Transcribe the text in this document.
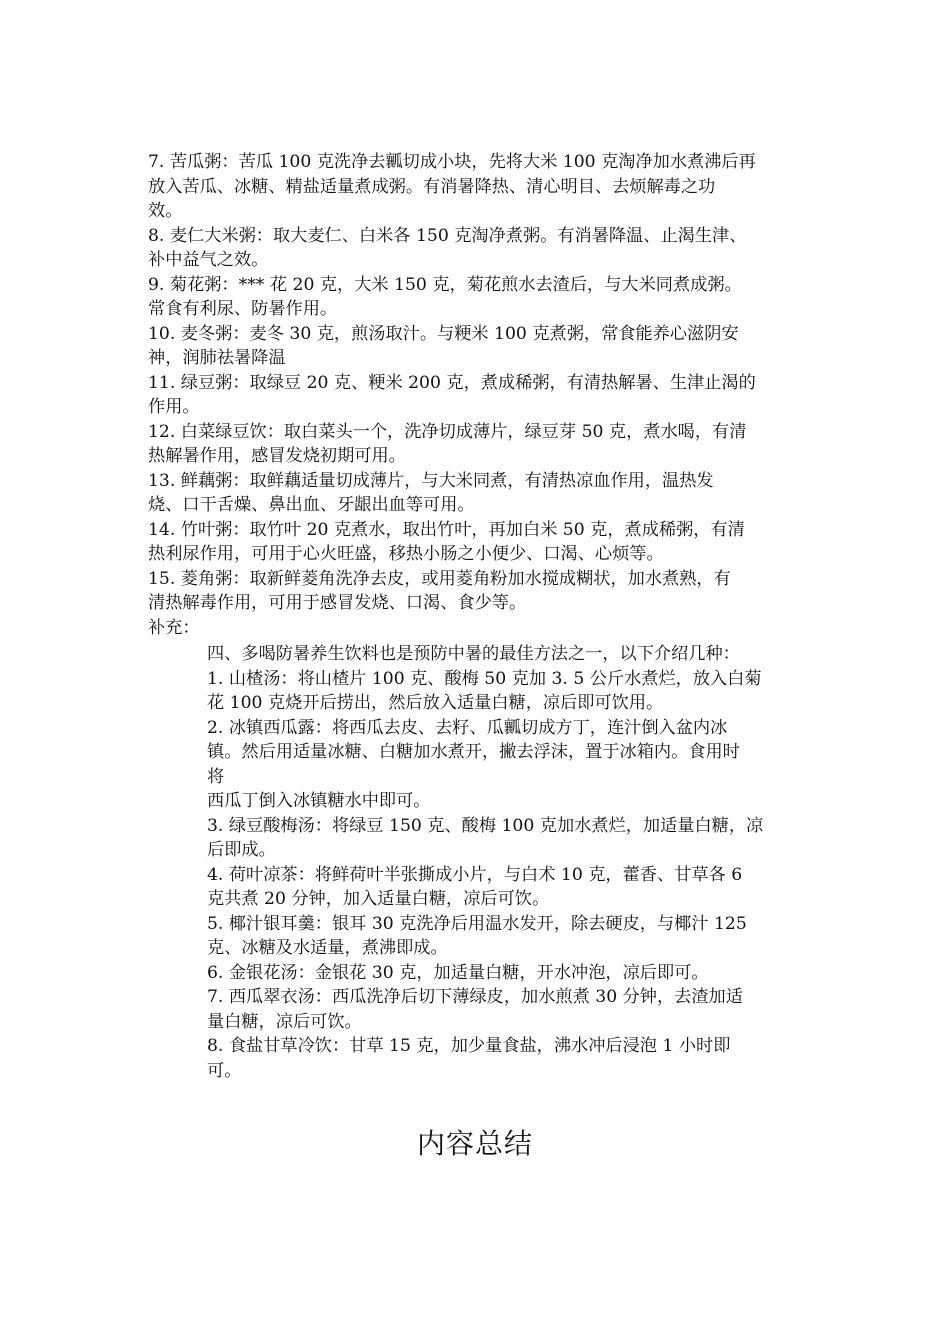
7. 苦瓜粥：苦瓜 100 克洗净去瓤切成小块，先将大米 100 克淘净加水煮沸后再
放入苦瓜、冰糖、精盐适量煮成粥。有消暑降热、清心明目、去烦解毒之功
效。
8. 麦仁大米粥：取大麦仁、白米各 150 克淘净煮粥。有消暑降温、止渴生津、
补中益气之效。
9. 菊花粥：*** 花 20 克，大米 150 克，菊花煎水去渣后，与大米同煮成粥。
常食有利尿、防暑作用。
10. 麦冬粥：麦冬 30 克，煎汤取汁。与粳米 100 克煮粥，常食能养心滋阴安
神，润肺祛暑降温
11. 绿豆粥：取绿豆 20 克、粳米 200 克，煮成稀粥，有清热解暑、生津止渴的
作用。
12. 白菜绿豆饮：取白菜头一个，洗净切成薄片，绿豆芽 50 克，煮水喝，有清
热解暑作用，感冒发烧初期可用。
13. 鲜藕粥：取鲜藕适量切成薄片，与大米同煮，有清热凉血作用，温热发
烧、口干舌燥、鼻出血、牙龈出血等可用。
14. 竹叶粥：取竹叶 20 克煮水，取出竹叶，再加白米 50 克，煮成稀粥，有清
热利尿作用，可用于心火旺盛，移热小肠之小便少、口渴、心烦等。
15. 菱角粥：取新鲜菱角洗净去皮，或用菱角粉加水搅成糊状，加水煮熟，有
清热解毒作用，可用于感冒发烧、口渴、食少等。
补充：
四、多喝防暑养生饮料也是预防中暑的最佳方法之一，以下介绍几种：
1. 山楂汤：将山楂片 100 克、酸梅 50 克加 3. 5 公斤水煮烂，放入白菊
花 100 克烧开后捞出，然后放入适量白糖，凉后即可饮用。
2. 冰镇西瓜露：将西瓜去皮、去籽、瓜瓤切成方丁，连汁倒入盆内冰
镇。然后用适量冰糖、白糖加水煮开，撇去浮沫，置于冰箱内。食用时
将
西瓜丁倒入冰镇糖水中即可。
3. 绿豆酸梅汤：将绿豆 150 克、酸梅 100 克加水煮烂，加适量白糖，凉
后即成。
4. 荷叶凉茶：将鲜荷叶半张撕成小片，与白术 10 克，藿香、甘草各 6
克共煮 20 分钟，加入适量白糖，凉后可饮。
5. 椰汁银耳羹：银耳 30 克洗净后用温水发开，除去硬皮，与椰汁 125
克、冰糖及水适量，煮沸即成。
6. 金银花汤：金银花 30 克，加适量白糖，开水冲泡，凉后即可。
7. 西瓜翠衣汤：西瓜洗净后切下薄绿皮，加水煎煮 30 分钟，去渣加适
量白糖，凉后可饮。
8. 食盐甘草冷饮：甘草 15 克，加少量食盐，沸水冲后浸泡 1 小时即
可。
内容总结
